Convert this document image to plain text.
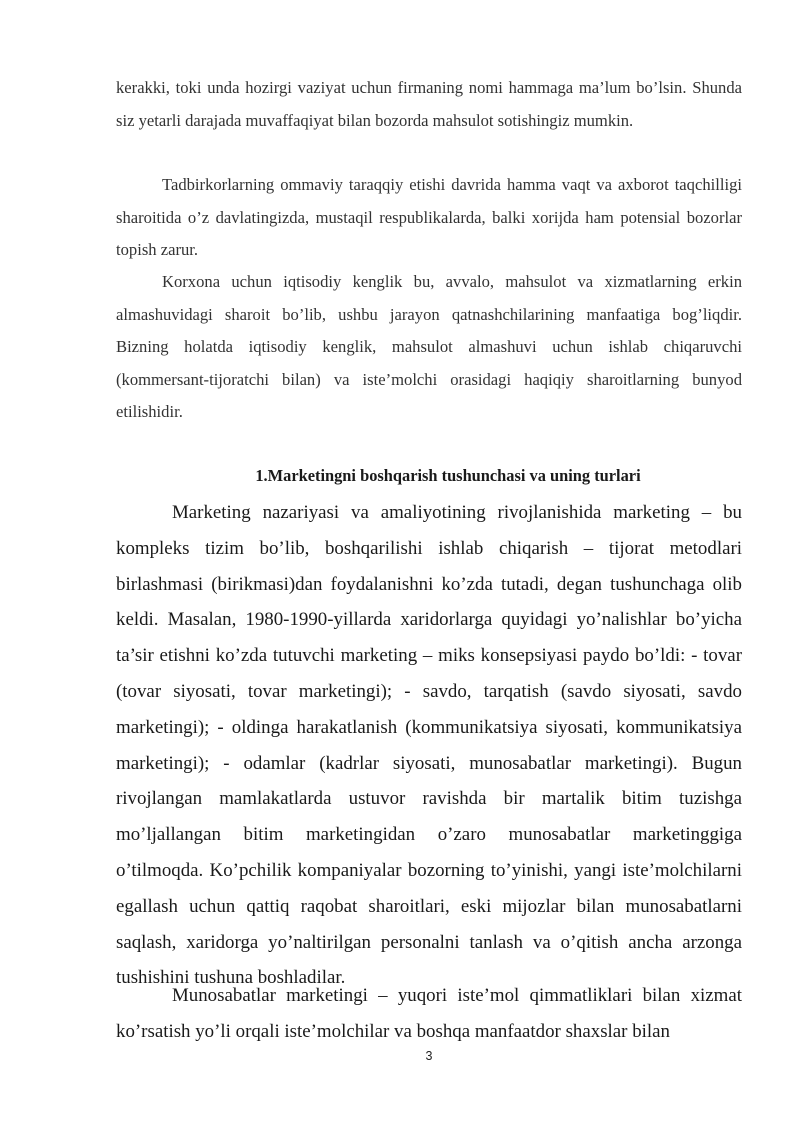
kerakki, toki unda hozirgi vaziyat uchun firmaning nomi hammaga ma’lum bo’lsin. Shunda siz yetarli darajada muvaffaqiyat bilan bozorda mahsulot sotishingiz mumkin.

Tadbirkorlarning ommaviy taraqqiy etishi davrida hamma vaqt va axborot taqchilligi sharoitida o’z davlatingizda, mustaqil respublikalarda, balki xorijda ham potensial bozorlar topish zarur.

Korxona uchun iqtisodiy kenglik bu, avvalo, mahsulot va xizmatlarning erkin almashuvidagi sharoit bo’lib, ushbu jarayon qatnashchilarining manfaatiga bog’liqdir. Bizning holatda iqtisodiy kenglik, mahsulot almashuvi uchun ishlab chiqaruvchi (kommersant-tijoratchi bilan) va iste’molchi orasidagi haqiqiy sharoitlarning bunyod etilishidir.

1.Marketingni boshqarish tushunchasi va uning turlari

Marketing nazariyasi va amaliyotining rivojlanishida marketing – bu kompleks tizim bo’lib, boshqarilishi ishlab chiqarish – tijorat metodlari birlashmasi (birikmasi)dan foydalanishni ko’zda tutadi, degan tushunchaga olib keldi. Masalan, 1980-1990-yillarda xaridorlarga quyidagi yo’nalishlar bo’yicha ta’sir etishni ko’zda tutuvchi marketing – miks konsepsiyasi paydo bo’ldi: - tovar (tovar siyosati, tovar marketingi); - savdo, tarqatish (savdo siyosati, savdo marketingi); - oldinga harakatlanish (kommunikatsiya siyosati, kommunikatsiya marketingi); - odamlar (kadrlar siyosati, munosabatlar marketingi). Bugun rivojlangan mamlakatlarda ustuvor ravishda bir martalik bitim tuzishga mo’ljallangan bitim marketingidan o’zaro munosabatlar marketinggiga o’tilmoqda. Ko’pchilik kompaniyalar bozorning to’yinishi, yangi iste’molchilarni egallash uchun qattiq raqobat sharoitlari, eski mijozlar bilan munosabatlarni saqlash, xaridorga yo’naltirilgan personalni tanlash va o’qitish ancha arzonga tushishini tushuna boshladilar.

Munosabatlar marketingi – yuqori iste’mol qimmatliklari bilan xizmat ko’rsatish yo’li orqali iste’molchilar va boshqa manfaatdor shaxslar bilan

3
